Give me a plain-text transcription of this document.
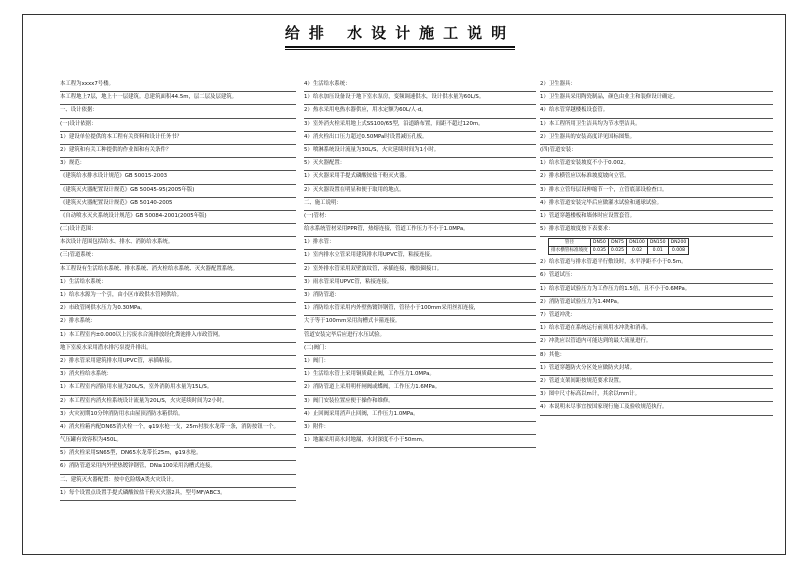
给排 水设计施工说明
本工程为xxxx7号楼。
本工程地上7层，地上十一层建筑。总建筑面积44.5m，层二层及层建筑。
一、设计依据：
(一)设计依据：
1）建设单位提供的本工程有关资料和设计任务书？
2）建筑和有关工种提供的作业图和有关条件？
3）规范：
《建筑给水排水设计规范》GB 50015-2003
《建筑灭火器配置设计规范》GB 50045-95(2005年版)
《建筑灭火器配置设计规范》GB 50140-2005
《自动喷水灭火系统设计规范》GB 50084-2001(2005年版)
(二)设计范围：
本次设计范围包括给水、排水、消防给水系统。
(三)管道系统：
本工程设有生活给水系统、排水系统、消火栓给水系统、灭火器配置系统。
1）生活给水系统：
1）给水水源为一个引，由小区市政供水管网供给。
2）市政管网供水压力为0.30MPa。
2）排水系统：
1）本工程室内±0.000以上污废水合流排放经化粪池排入市政管网。
地下室废水采用潜水排污泵提升排出。
2）排水管采用建筑排水用UPVC管，承插粘接。
3）消火栓给水系统：
1）本工程室内消防用水量为20L/S，室外消防用水量为15L/S。
2）本工程室内消火栓系统设计流量为20L/S，火灾延续时间为2小时。
3）火灾初期10分钟消防用水由屋顶消防水箱供给。
4）消火栓箱内配DN65消火栓一个，φ19水枪一支，25m衬胶水龙带一条，消防按钮一个。
气压罐有效容积为450L。
5）消火栓采用SN65型，DN65水龙带长25m，φ19水枪。
6）消防管道采用内外壁热镀锌钢管，DN≥100采用沟槽式连接。
二、建筑灭火器配置：按中危险级A类火灾设计。
1）每个设置点设置手提式磷酸铵盐干粉灭火器2具，型号MF/ABC3。
4）生活给水系统：
1）给水加压设备设于地下室水泵房，变频调速供水，设计供水量为60L/S。
2）热水采用电热水器供应，用水定额为60L/人·d。
3）室外消火栓采用地上式SS100/65型，沿道路布置，间距不超过120m。
4）消火栓出口压力超过0.50MPa时设置减压孔板。
5）喷淋系统设计流量为30L/S，火灾延续时间为1小时。
5）灭火器配置：
1）灭火器采用手提式磷酸铵盐干粉灭火器。
2）灭火器设置在明显和便于取用的地点。
二、施工说明：
(一)管材：
给水系统管材采用PPR管，热熔连接，管道工作压力不小于1.0MPa。
1）排水管：
1）室内排水立管采用建筑排水用UPVC管，粘接连接。
2）室外排水管采用双壁波纹管，承插连接，橡胶圈接口。
3）雨水管采用UPVC管，粘接连接。
3）消防管道：
1）消防给水管采用内外壁热镀锌钢管，管径小于100mm采用丝扣连接，
大于等于100mm采用沟槽式卡箍连接。
管道安装完毕后应进行水压试验。
(二)阀门：
1）阀门：
1）生活给水管上采用铜质截止阀，工作压力1.0MPa。
2）消防管道上采用明杆闸阀或蝶阀，工作压力1.6MPa。
3）阀门安装位置应便于操作和维修。
4）止回阀采用消声止回阀，工作压力1.0MPa。
3）附件：
1）地漏采用高水封地漏，水封深度不小于50mm。
2）卫生器具：
1）卫生器具采用陶瓷制品，颜色由业主和装修设计确定。
4）给水管穿越楼板设套管。
1）本工程所用卫生洁具均为节水型洁具。
2）卫生器具的安装高度详见国标图集。
(四)管道安装：
1）给水管道安装坡度不小于0.002。
2）排水横管应以标准坡度坡向立管。
3）排水立管每层设伸缩节一个，立管底部设检查口。
4）排水管道安装完毕后应做灌水试验和通球试验。
1）管道穿越楼板和墙体时应设置套管。
5）排水管道坡度按下表要求：
管径	DN50	DN75	DN100	DN150	DN200
排水横管标准坡度	0.035	0.025	0.02	0.01	0.008
2）给水管道与排水管道平行敷设时，水平净距不小于0.5m。
6）管道试压：
1）给水管道试验压力为工作压力的1.5倍，且不小于0.6MPa。
2）消防管道试验压力为1.4MPa。
7）管道冲洗：
1）给水管道在系统运行前须用水冲洗和消毒。
2）冲洗应以管道内可能达到的最大流量进行。
8）其他：
1）管道穿越防火分区处应做防火封堵。
2）管道支架间距按规范要求设置。
3）图中尺寸标高以m计，其余以mm计。
4）本说明未尽事宜按国家现行施工及验收规范执行。
